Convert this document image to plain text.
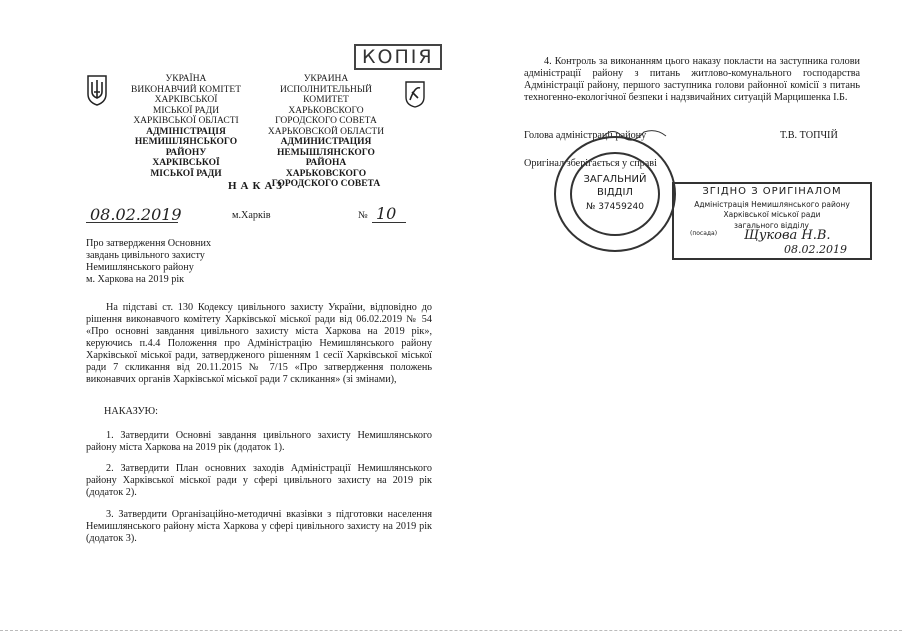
УКРАЇНА
ВИКОНАВЧИЙ КОМІТЕТ
ХАРКІВСЬКОЇ
МІСЬКОЇ РАДИ
ХАРКІВСЬКОЇ ОБЛАСТІ
АДМІНІСТРАЦІЯ
НЕМИШЛЯНСЬКОГО РАЙОНУ
ХАРКІВСЬКОЇ
МІСЬКОЇ РАДИ
УКРАИНА
ИСПОЛНИТЕЛЬНЫЙ КОМИТЕТ
ХАРЬКОВСКОГО
ГОРОДСКОГО СОВЕТА
ХАРЬКОВСКОЙ ОБЛАСТИ
АДМИНИСТРАЦИЯ
НЕМЫШЛЯНСКОГО РАЙОНА
ХАРЬКОВСКОГО
ГОРОДСКОГО СОВЕТА
КОПІЯ
НАКАЗ
08.02.2019	м.Харків	№ 10
Про затвердження Основних
завдань цивільного захисту
Немишлянського району
м. Харкова на 2019 рік
На підставі ст. 130 Кодексу цивільного захисту України, відповідно до рішення виконавчого комітету Харківської міської ради від 06.02.2019 № 54 «Про основні завдання цивільного захисту міста Харкова на 2019 рік», керуючись п.4.4 Положення про Адміністрацію Немишлянського району Харківської міської ради, затвердженого рішенням 1 сесії Харківської міської ради 7 скликання від 20.11.2015 № 7/15 «Про затвердження положень виконавчих органів Харківської міської ради 7 скликання» (зі змінами),
НАКАЗУЮ:
1. Затвердити Основні завдання цивільного захисту Немишлянського району міста Харкова на 2019 рік (додаток 1).
2. Затвердити План основних заходів Адміністрації Немишлянського району Харківської міської ради у сфері цивільного захисту на 2019 рік (додаток 2).
3. Затвердити Організаційно-методичні вказівки з підготовки населення Немишлянського району міста Харкова у сфері цивільного захисту на 2019 рік (додаток 3).
4. Контроль за виконанням цього наказу покласти на заступника голови адміністрації району з питань житлово-комунального господарства Адміністрації району, першого заступника голови районної комісії з питань техногенно-екологічної безпеки і надзвичайних ситуацій Марцишенка І.Б.
Голова адміністрації району	Т.В. ТОПЧІЙ
Оригінал зберігається у справі
ЗАГАЛЬНИЙ
ВІДДІЛ
№ 37459240
ЗГІДНО З ОРИГІНАЛОМ
Адміністрація Немишлянського району
Харківської міської ради
загального відділу
(посада) Щукова Н.В.
08.02.2019
